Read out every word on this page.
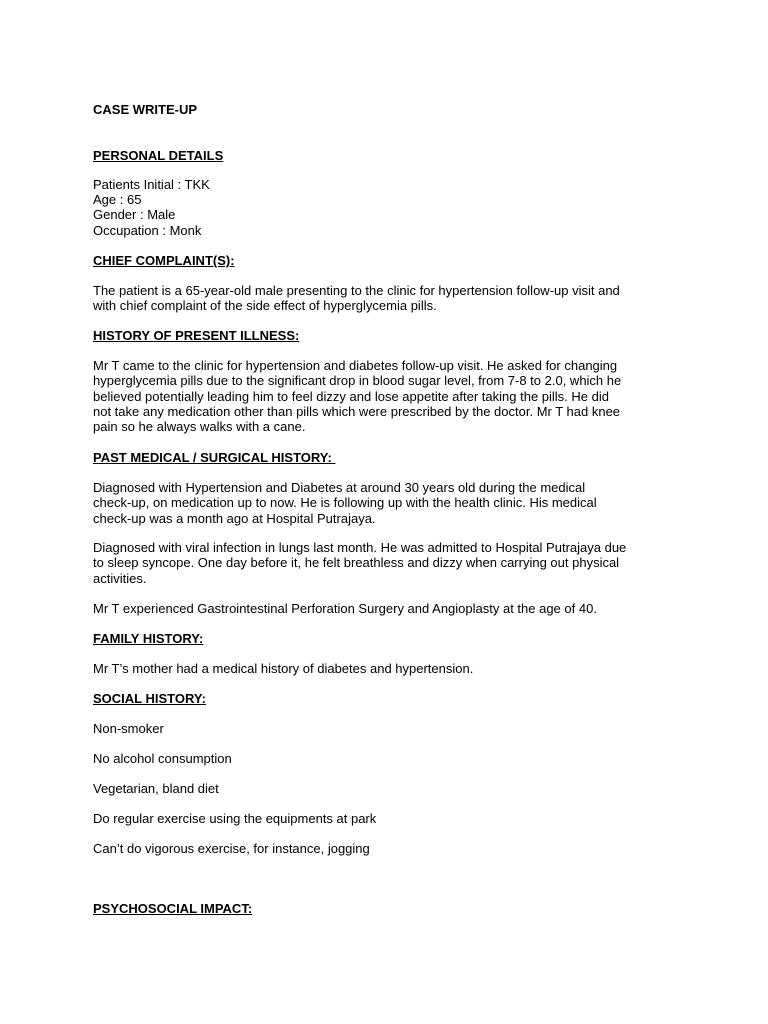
CASE WRITE-UP
PERSONAL DETAILS
Patients Initial : TKK
Age : 65
Gender : Male
Occupation : Monk
CHIEF COMPLAINT(S):
The patient is a 65-year-old male presenting to the clinic for hypertension follow-up visit and
with chief complaint of the side effect of hyperglycemia pills.
HISTORY OF PRESENT ILLNESS:
Mr T came to the clinic for hypertension and diabetes follow-up visit. He asked for changing
hyperglycemia pills due to the significant drop in blood sugar level, from 7-8 to 2.0, which he
believed potentially leading him to feel dizzy and lose appetite after taking the pills. He did
not take any medication other than pills which were prescribed by the doctor. Mr T had knee
pain so he always walks with a cane.
PAST MEDICAL / SURGICAL HISTORY:
Diagnosed with Hypertension and Diabetes at around 30 years old during the medical
check-up, on medication up to now. He is following up with the health clinic. His medical
check-up was a month ago at Hospital Putrajaya.
Diagnosed with viral infection in lungs last month. He was admitted to Hospital Putrajaya due
to sleep syncope. One day before it, he felt breathless and dizzy when carrying out physical
activities.
Mr T experienced Gastrointestinal Perforation Surgery and Angioplasty at the age of 40.
FAMILY HISTORY:
Mr T’s mother had a medical history of diabetes and hypertension.
SOCIAL HISTORY:
Non-smoker
No alcohol consumption
Vegetarian, bland diet
Do regular exercise using the equipments at park
Can’t do vigorous exercise, for instance, jogging
PSYCHOSOCIAL IMPACT:
